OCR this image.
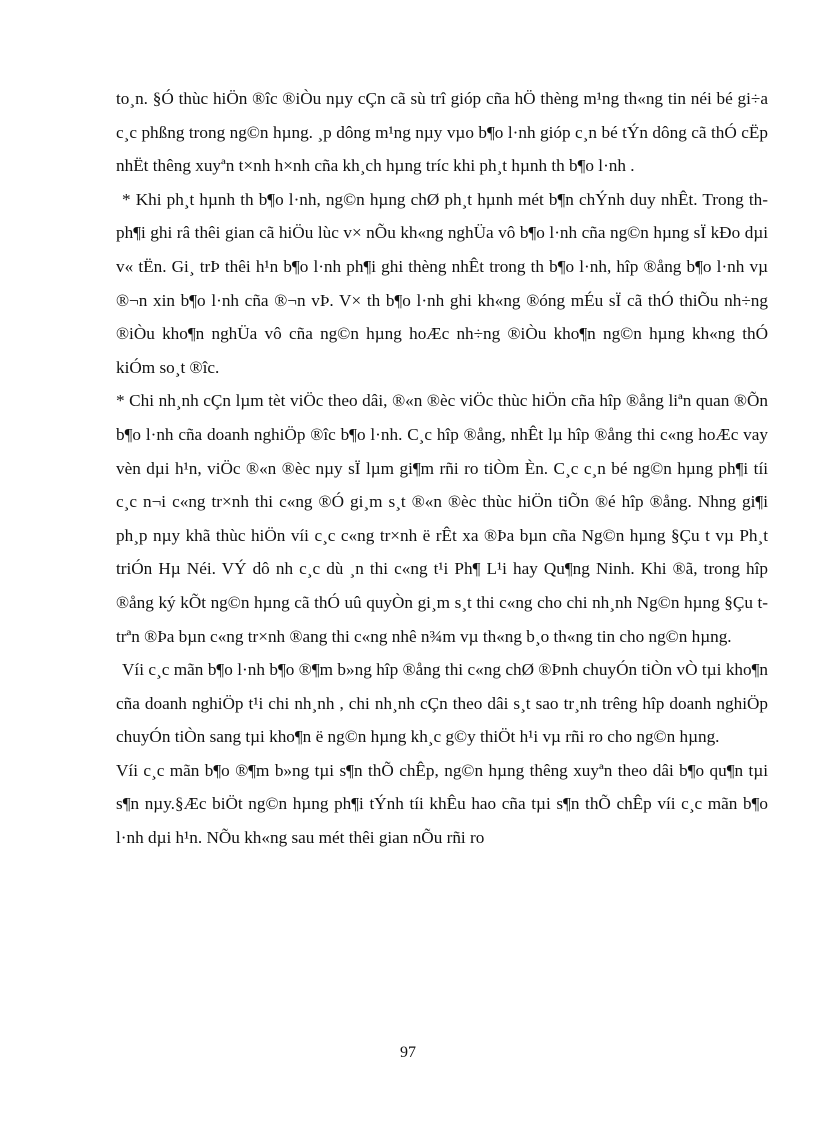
to¸n. §Ó thùc hiÖn ®îc ®iÒu nµy cÇn cã sù trî gióp cña hÖ thèng m¹ng th«ng tin néi bé gi÷a c¸c phßng trong ng©n hµng. ¸p dông m¹ng nµy vµo b¶o l·nh gióp c¸n bé tÝn dông cã thÓ cËp nhËt thêng xuyªn t×nh h×nh cña kh¸ch hµng tríc khi ph¸t hµnh th b¶o l·nh .

* Khi ph¸t hµnh th b¶o l·nh, ng©n hµng chØ ph¸t hµnh mét b¶n chÝnh duy nhÊt. Trong th ph¶i ghi râ thêi gian cã hiÖu lùc v× nÕu kh«ng nghÜa vô b¶o l·nh cña ng©n hµng sÏ kÐo dµi v« tËn. Gi¸ trÞ thêi h¹n b¶o l·nh ph¶i ghi thèng nhÊt trong th b¶o l·nh, hîp ®ång b¶o l·nh vµ ®¬n xin b¶o l·nh cña ®¬n vÞ. V× th b¶o l·nh ghi kh«ng ®óng mÉu sÏ cã thÓ thiÕu nh÷ng ®iÒu kho¶n nghÜa vô cña ng©n hµng hoÆc nh÷ng ®iÒu kho¶n ng©n hµng kh«ng thÓ kiÓm so¸t ®îc.

* Chi nh¸nh cÇn lµm tèt viÖc theo dâi, ®«n ®èc viÖc thùc hiÖn cña hîp ®ång liªn quan ®Õn b¶o l·nh cña doanh nghiÖp ®îc b¶o l·nh. C¸c hîp ®ång, nhÊt lµ hîp ®ång thi c«ng hoÆc vay vèn dµi h¹n, viÖc ®«n ®èc nµy sÏ lµm gi¶m rñi ro tiÒm Èn. C¸c c¸n bé ng©n hµng ph¶i tíi c¸c n¬i c«ng tr×nh thi c«ng ®Ó gi¸m s¸t ®«n ®èc thùc hiÖn tiÕn ®é hîp ®ång. Nhng gi¶i ph¸p nµy khã thùc hiÖn víi c¸c c«ng tr×nh ë rÊt xa ®Þa bµn cña Ng©n hµng §Çu t vµ Ph¸t triÓn Hµ Néi. VÝ dô nh c¸c dù ¸n thi c«ng t¹i Ph¶ L¹i hay Qu¶ng Ninh. Khi ®ã, trong hîp ®ång ký kÕt ng©n hµng cã thÓ uû quyÒn gi¸m s¸t thi c«ng cho chi nh¸nh Ng©n hµng §Çu t trªn ®Þa bµn c«ng tr×nh ®ang thi c«ng nhê n¾m vµ th«ng b¸o th«ng tin cho ng©n hµng.

Víi c¸c mãn b¶o l·nh b¶o ®¶m b»ng hîp ®ång thi c«ng chØ ®Þnh chuyÓn tiÒn vÒ tµi kho¶n cña doanh nghiÖp t¹i chi nh¸nh , chi nh¸nh cÇn theo dâi s¸t sao tr¸nh trêng hîp doanh nghiÖp chuyÓn tiÒn sang tµi kho¶n ë ng©n hµng kh¸c g©y thiÖt h¹i vµ rñi ro cho ng©n hµng.

Víi c¸c mãn b¶o ®¶m b»ng tµi s¶n thÕ chÊp, ng©n hµng thêng xuyªn theo dâi b¶o qu¶n tµi s¶n nµy.§Æc biÖt ng©n hµng ph¶i tÝnh tíi khÊu hao cña tµi s¶n thÕ chÊp víi c¸c mãn b¶o l·nh dµi h¹n. NÕu kh«ng sau mét thêi gian nÕu rñi ro

97
